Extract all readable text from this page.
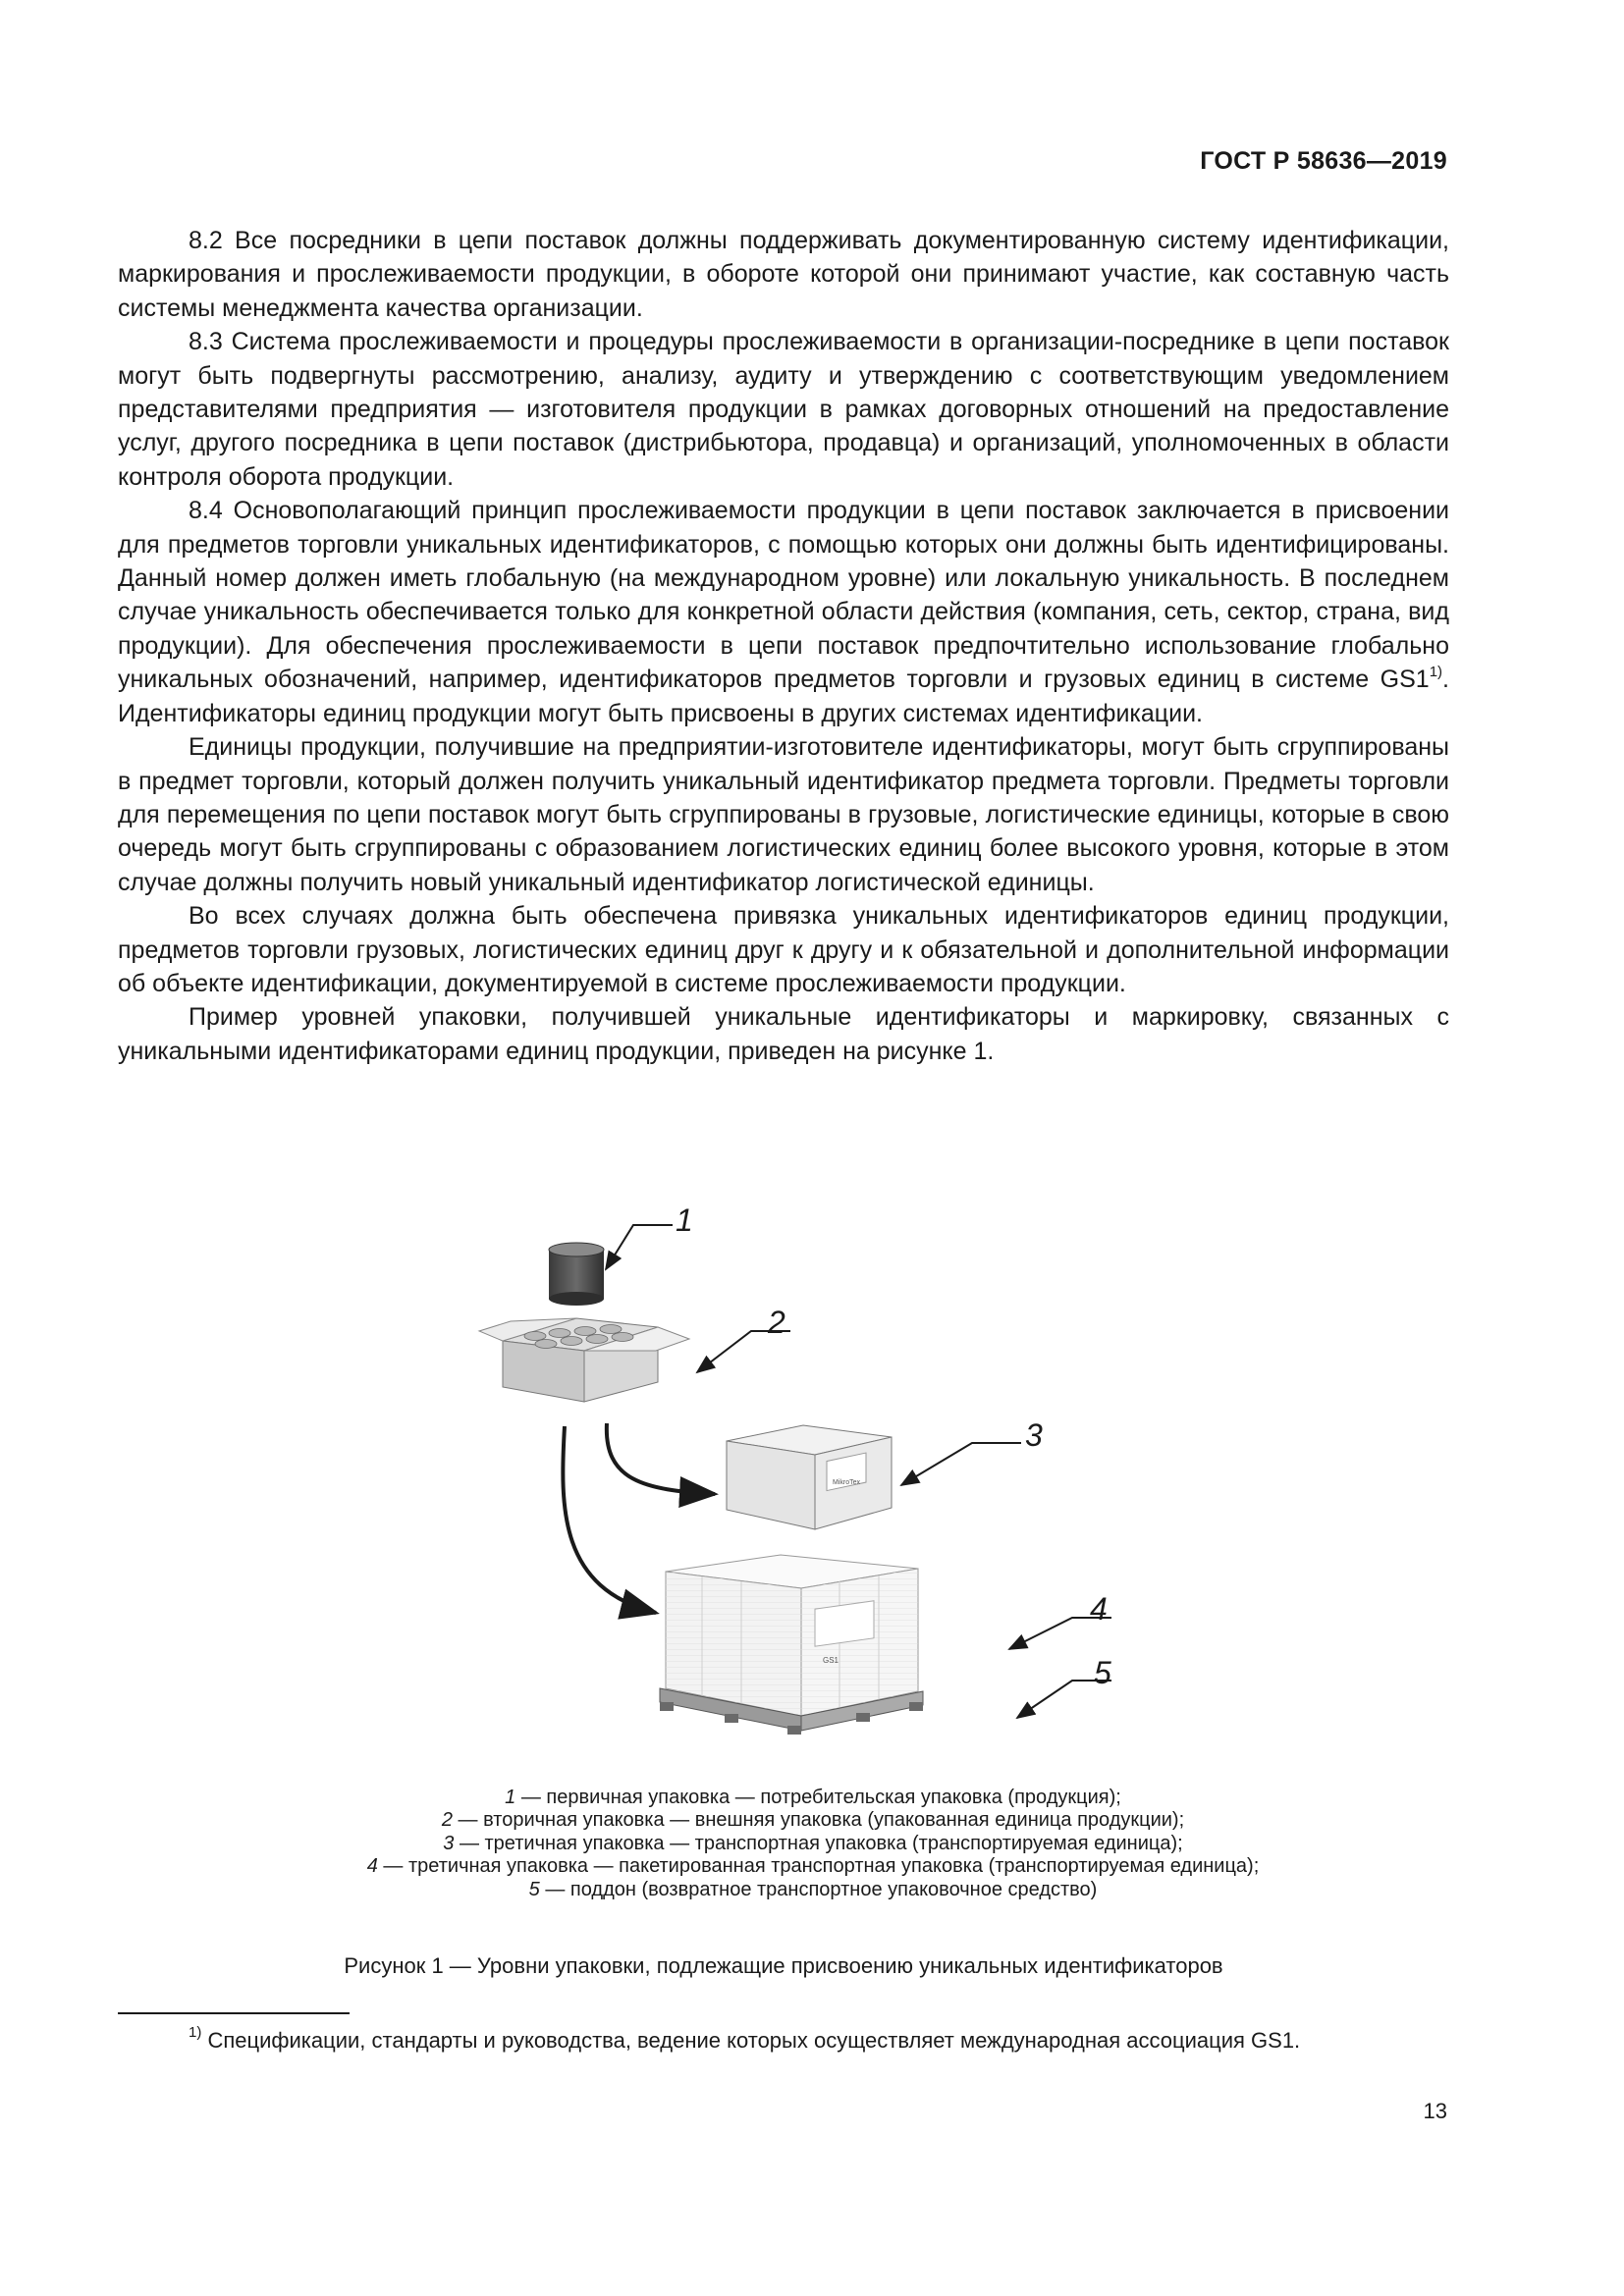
ГОСТ Р 58636—2019

8.2 Все посредники в цепи поставок должны поддерживать документированную систему идентификации, маркирования и прослеживаемости продукции, в обороте которой они принимают участие, как составную часть системы менеджмента качества организации.

8.3 Система прослеживаемости и процедуры прослеживаемости в организации-посреднике в цепи поставок могут быть подвергнуты рассмотрению, анализу, аудиту и утверждению с соответствующим уведомлением представителями предприятия — изготовителя продукции в рамках договорных отношений на предоставление услуг, другого посредника в цепи поставок (дистрибьютора, продавца) и организаций, уполномоченных в области контроля оборота продукции.

8.4 Основополагающий принцип прослеживаемости продукции в цепи поставок заключается в присвоении для предметов торговли уникальных идентификаторов, с помощью которых они должны быть идентифицированы. Данный номер должен иметь глобальную (на международном уровне) или локальную уникальность. В последнем случае уникальность обеспечивается только для конкретной области действия (компания, сеть, сектор, страна, вид продукции). Для обеспечения прослеживаемости в цепи поставок предпочтительно использование глобально уникальных обозначений, например, идентификаторов предметов торговли и грузовых единиц в системе GS1$^{1)}$. Идентификаторы единиц продукции могут быть присвоены в других системах идентификации.

Единицы продукции, получившие на предприятии-изготовителе идентификаторы, могут быть сгруппированы в предмет торговли, который должен получить уникальный идентификатор предмета торговли. Предметы торговли для перемещения по цепи поставок могут быть сгруппированы в грузовые, логистические единицы, которые в свою очередь могут быть сгруппированы с образованием логистических единиц более высокого уровня, которые в этом случае должны получить новый уникальный идентификатор логистической единицы.

Во всех случаях должна быть обеспечена привязка уникальных идентификаторов единиц продукции, предметов торговли грузовых, логистических единиц друг к другу и к обязательной и дополнительной информации об объекте идентификации, документируемой в системе прослеживаемости продукции.

Пример уровней упаковки, получившей уникальные идентификаторы и маркировку, связанных с уникальными идентификаторами единиц продукции, приведен на рисунке 1.

MikroTex
GS1
1
2
3
4
5
1 — первичная упаковка — потребительская упаковка (продукция);
2 — вторичная упаковка — внешняя упаковка (упакованная единица продукции);
3 — третичная упаковка — транспортная упаковка (транспортируемая единица);
4 — третичная упаковка — пакетированная транспортная упаковка (транспортируемая единица);
5 — поддон (возвратное транспортное упаковочное средство)
Рисунок 1 — Уровни упаковки, подлежащие присвоению уникальных идентификаторов
$^{1)}$ Спецификации, стандарты и руководства, ведение которых осуществляет международная ассоциация GS1.
13
